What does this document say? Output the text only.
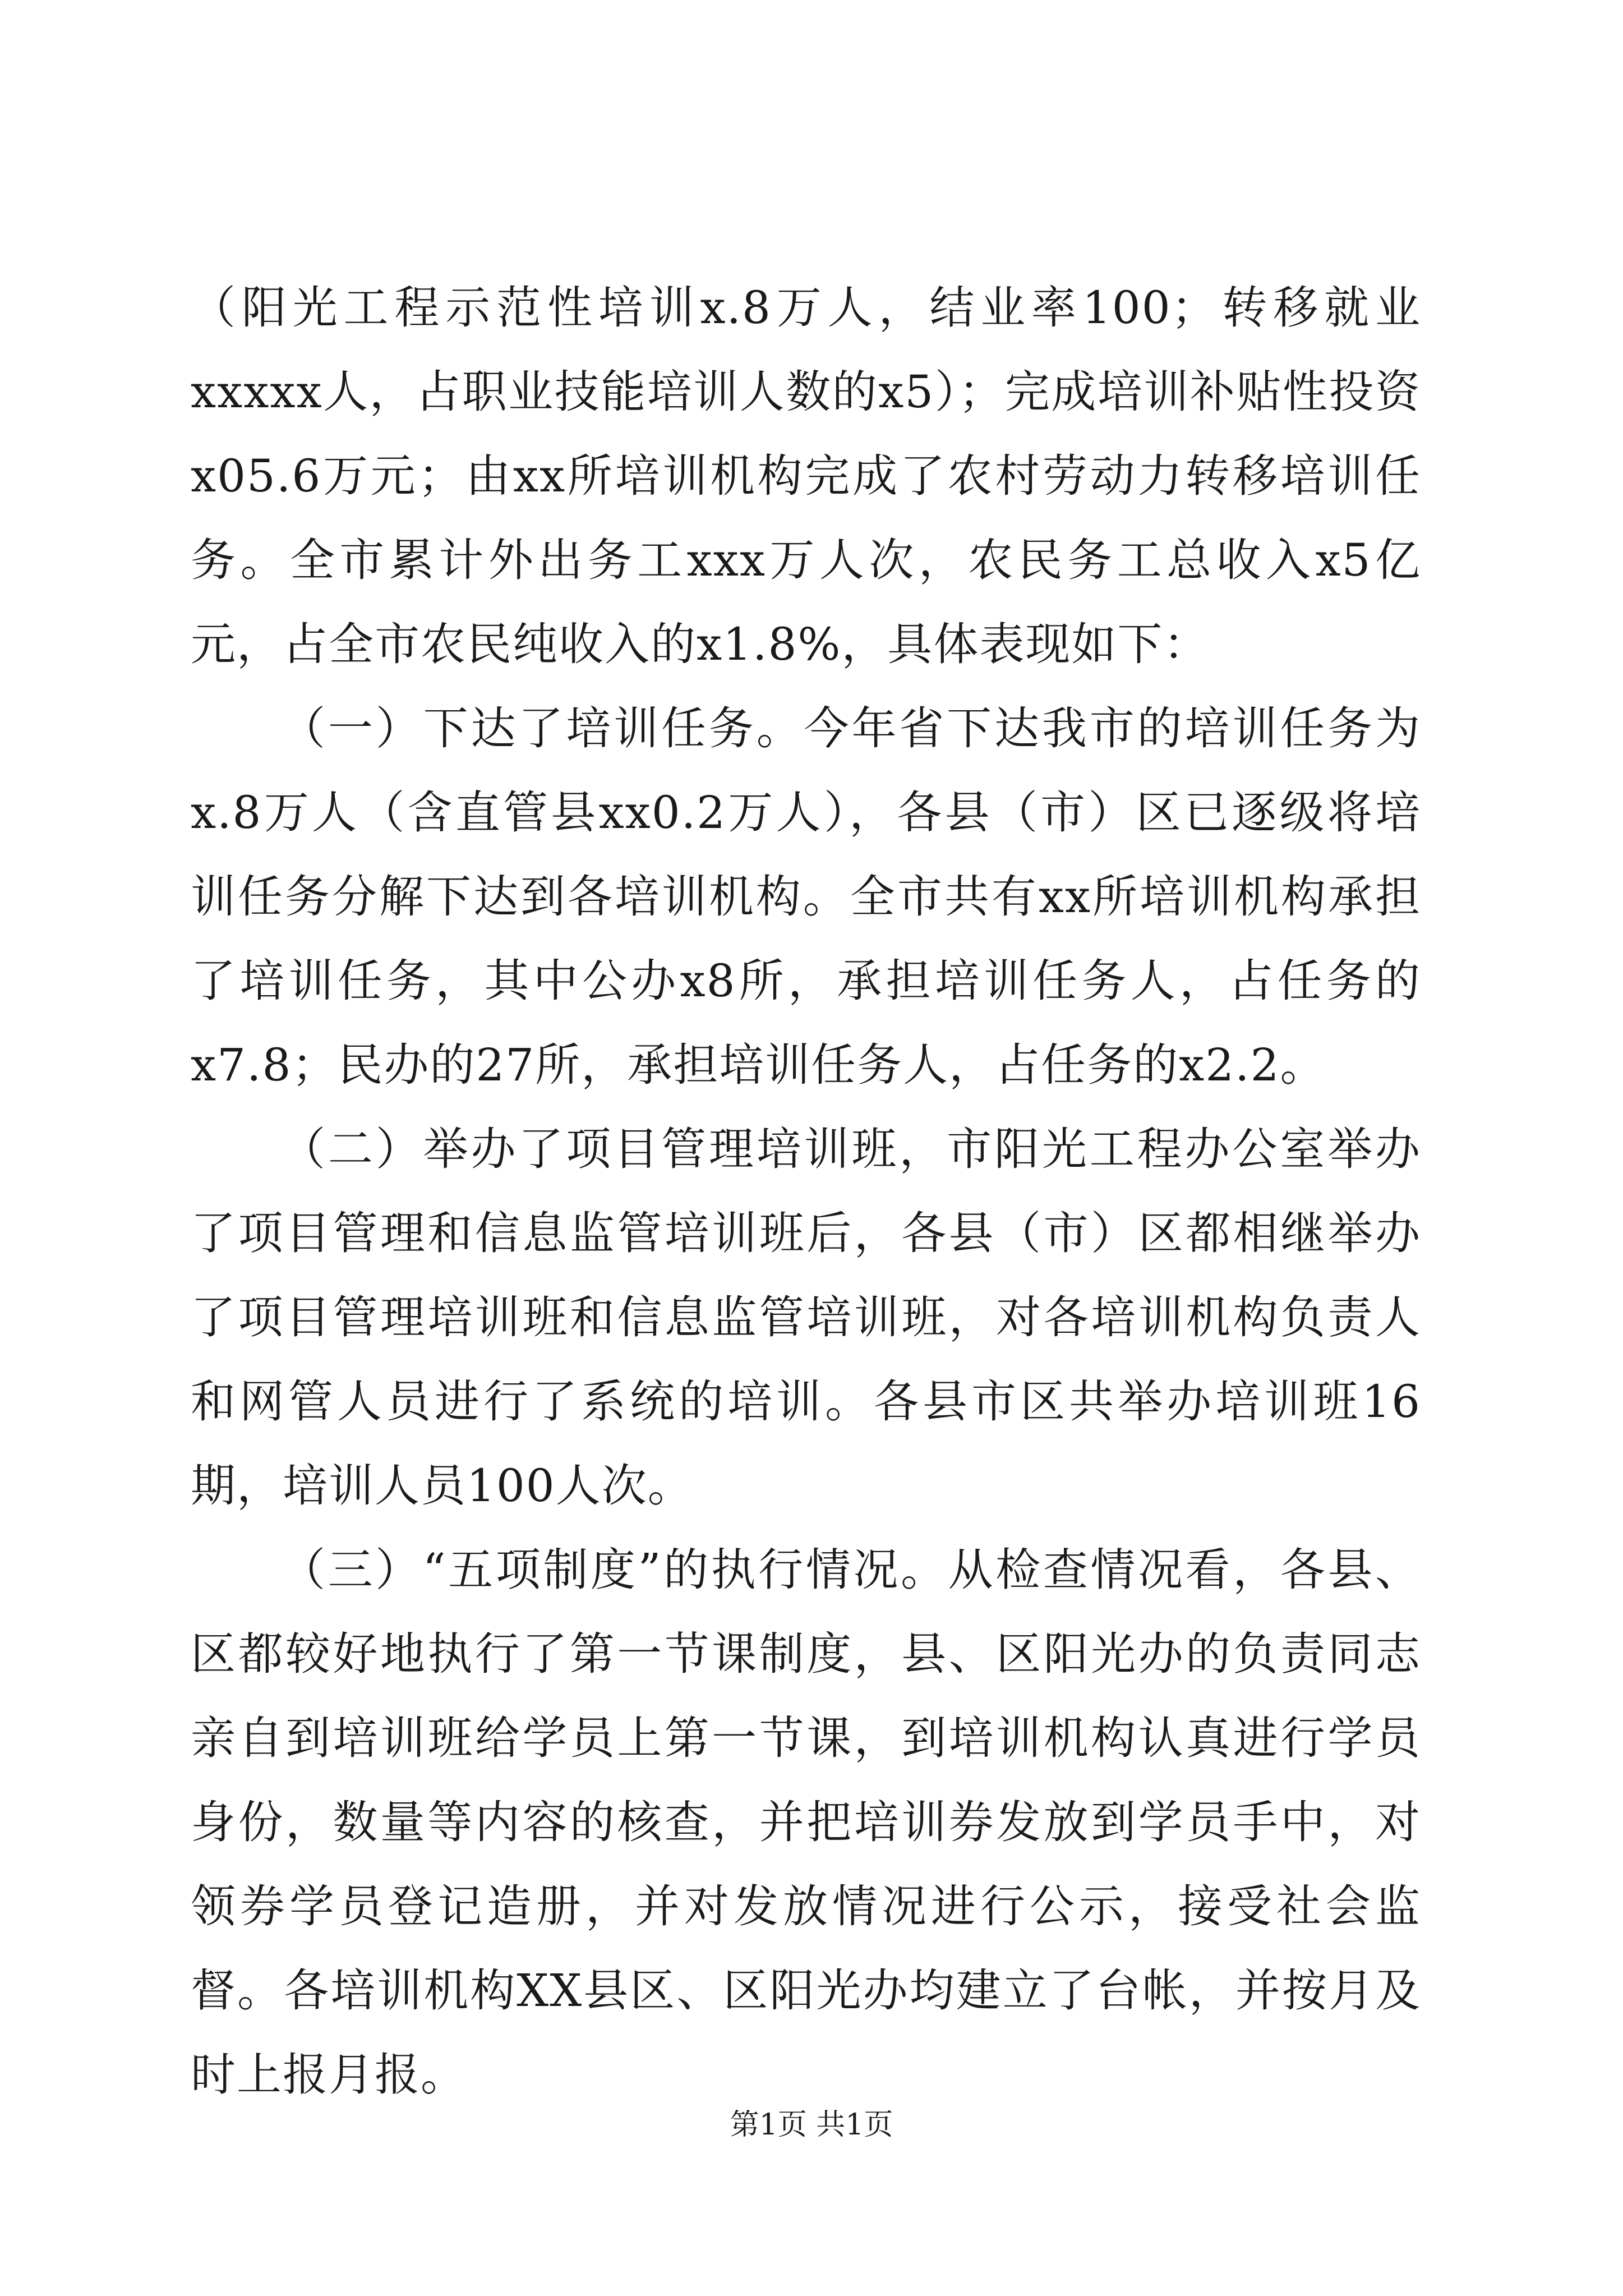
（阳光工程示范性培训x.8万人，结业率100；转移就业xxxxx人，占职业技能培训人数的x5）；完成培训补贴性投资x05.6万元；由xx所培训机构完成了农村劳动力转移培训任务。全市累计外出务工xxx万人次，农民务工总收入x5亿元，占全市农民纯收入的x1.8%，具体表现如下：

（一）下达了培训任务。今年省下达我市的培训任务为x.8万人（含直管县xx0.2万人），各县（市）区已逐级将培训任务分解下达到各培训机构。全市共有xx所培训机构承担了培训任务，其中公办x8所，承担培训任务人，占任务的x7.8；民办的27所，承担培训任务人，占任务的x2.2。

（二）举办了项目管理培训班，市阳光工程办公室举办了项目管理和信息监管培训班后，各县（市）区都相继举办了项目管理培训班和信息监管培训班，对各培训机构负责人和网管人员进行了系统的培训。各县市区共举办培训班16期，培训人员100人次。

（三）“五项制度”的执行情况。从检查情况看，各县、区都较好地执行了第一节课制度，县、区阳光办的负责同志亲自到培训班给学员上第一节课，到培训机构认真进行学员身份，数量等内容的核查，并把培训券发放到学员手中，对领券学员登记造册，并对发放情况进行公示，接受社会监督。各培训机构XX县区、区阳光办均建立了台帐，并按月及时上报月报。

第1页 共1页
